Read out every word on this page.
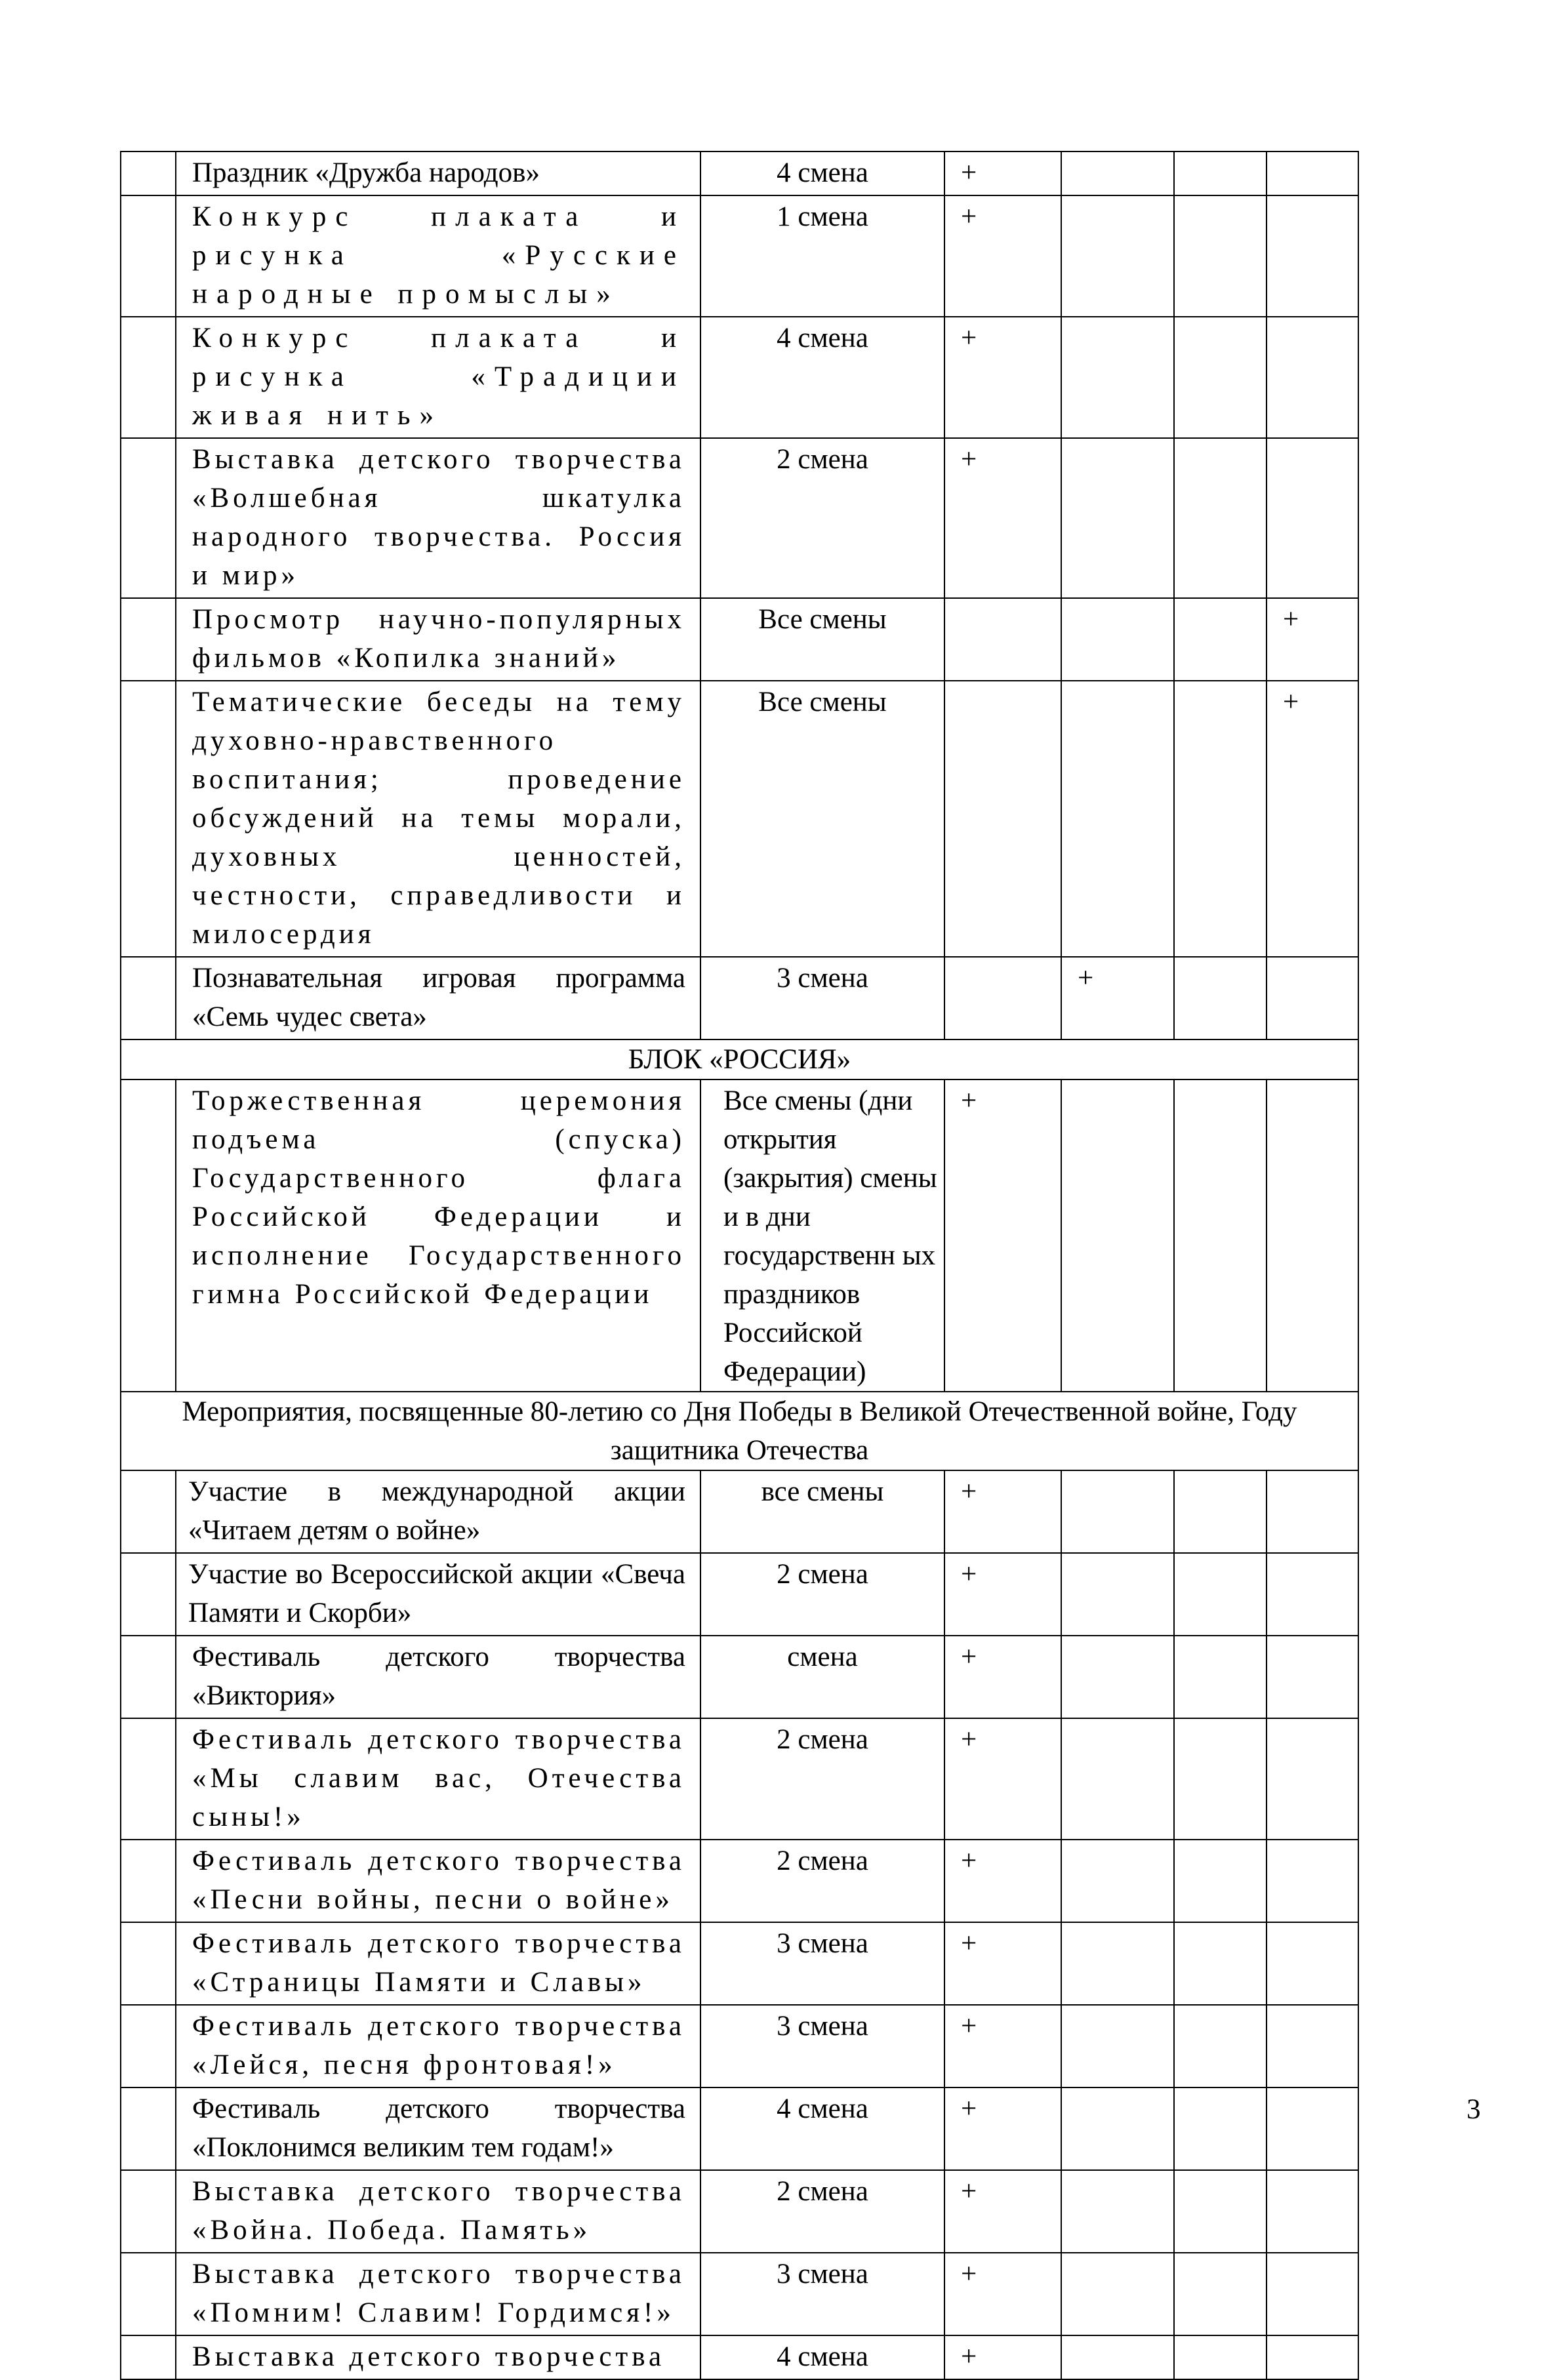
	Праздник «Дружба народов»	4 смена	+			
	Конкурс плаката и рисунка «Русские народные промыслы»	1 смена	+			
	Конкурс плаката и рисунка «Традиции живая нить»	4 смена	+			
	Выставка детского творчества «Волшебная шкатулка народного творчества. Россия и мир»	2 смена	+			
	Просмотр научно-популярных фильмов «Копилка знаний»	Все смены				+
	Тематические беседы на тему духовно-нравственного воспитания; проведение обсуждений на темы морали, духовных ценностей, честности, справедливости и милосердия	Все смены				+
	Познавательная игровая программа «Семь чудес света»	3 смена		+		
БЛОК «РОССИЯ»						
	Торжественная церемония подъема (спуска) Государственного флага Российской Федерации и исполнение Государственного гимна Российской Федерации	Все смены (дни открытия (закрытия) смены и в дни государственн ых праздников Российской Федерации)	+			
Мероприятия, посвященные 80-летию со Дня Победы в Великой Отечественной войне, Году защитника Отечества						
	Участие в международной акции «Читаем детям о войне»	все смены	+			
	Участие во Всероссийской акции «Свеча Памяти и Скорби»	2 смена	+			
	Фестиваль детского творчества «Виктория»	смена	+			
	Фестиваль детского творчества «Мы славим вас, Отечества сыны!»	2 смена	+			
	Фестиваль детского творчества «Песни войны, песни о войне»	2 смена	+			
	Фестиваль детского творчества «Страницы Памяти и Славы»	3 смена	+			
	Фестиваль детского творчества «Лейся, песня фронтовая!»	3 смена	+			
	Фестиваль детского творчества «Поклонимся великим тем годам!»	4 смена	+			
	Выставка детского творчества «Война. Победа. Память»	2 смена	+			
	Выставка детского творчества «Помним! Славим! Гордимся!»	3 смена	+			
	Выставка детского творчества	4 смена	+			
3
